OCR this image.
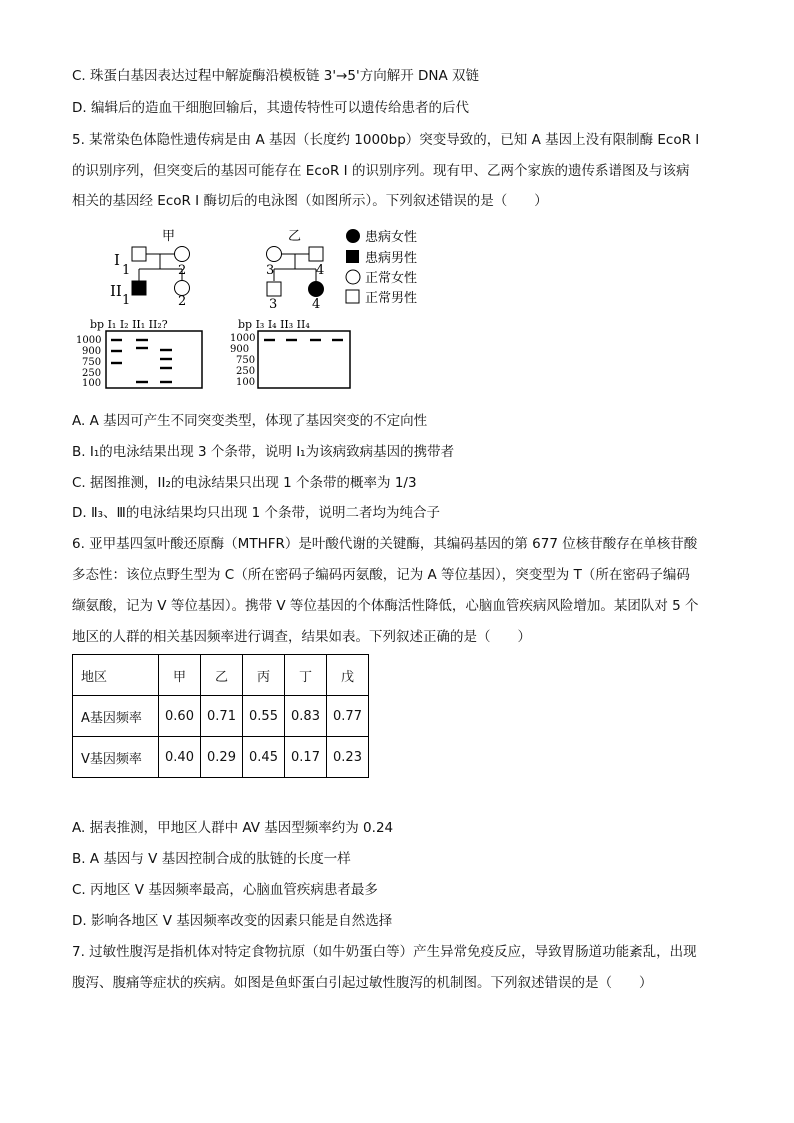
C. 珠蛋白基因表达过程中解旋酶沿模板链 3'→5'方向解开 DNA 双链
D. 编辑后的造血干细胞回输后，其遗传特性可以遗传给患者的后代
5. 某常染色体隐性遗传病是由 A 基因（长度约 1000bp）突变导致的，已知 A 基因上没有限制酶 EcoR I
的识别序列，但突变后的基因可能存在 EcoR I 的识别序列。现有甲、乙两个家族的遗传系谱图及与该病
相关的基因经 EcoR I 酶切后的电泳图（如图所示）。下列叙述错误的是（　　）
甲
I
II
1	2
1	2
乙
3	4
3	4
患病女性
患病男性
正常女性
正常男性
bp I₁ I₂ II₁ II₂?
1000
900
750
250
100
bp I₃ I₄ II₃ II₄
1000
900
750
250
100
A. A 基因可产生不同突变类型，体现了基因突变的不定向性
B. I₁的电泳结果出现 3 个条带，说明 I₁为该病致病基因的携带者
C. 据图推测，II₂的电泳结果只出现 1 个条带的概率为 1/3
D. Ⅱ₃、Ⅲ的电泳结果均只出现 1 个条带，说明二者均为纯合子
6. 亚甲基四氢叶酸还原酶（MTHFR）是叶酸代谢的关键酶，其编码基因的第 677 位核苷酸存在单核苷酸
多态性：该位点野生型为 C（所在密码子编码丙氨酸，记为 A 等位基因），突变型为 T（所在密码子编码
缬氨酸，记为 V 等位基因）。携带 V 等位基因的个体酶活性降低，心脑血管疾病风险增加。某团队对 5 个
地区的人群的相关基因频率进行调查，结果如表。下列叙述正确的是（　　）
地区	甲	乙	丙	丁	戊
A基因频率	0.60	0.71	0.55	0.83	0.77
V基因频率	0.40	0.29	0.45	0.17	0.23
A. 据表推测，甲地区人群中 AV 基因型频率约为 0.24
B. A 基因与 V 基因控制合成的肽链的长度一样
C. 丙地区 V 基因频率最高，心脑血管疾病患者最多
D. 影响各地区 V 基因频率改变的因素只能是自然选择
7. 过敏性腹泻是指机体对特定食物抗原（如牛奶蛋白等）产生异常免疫反应，导致胃肠道功能紊乱，出现
腹泻、腹痛等症状的疾病。如图是鱼虾蛋白引起过敏性腹泻的机制图。下列叙述错误的是（　　）
